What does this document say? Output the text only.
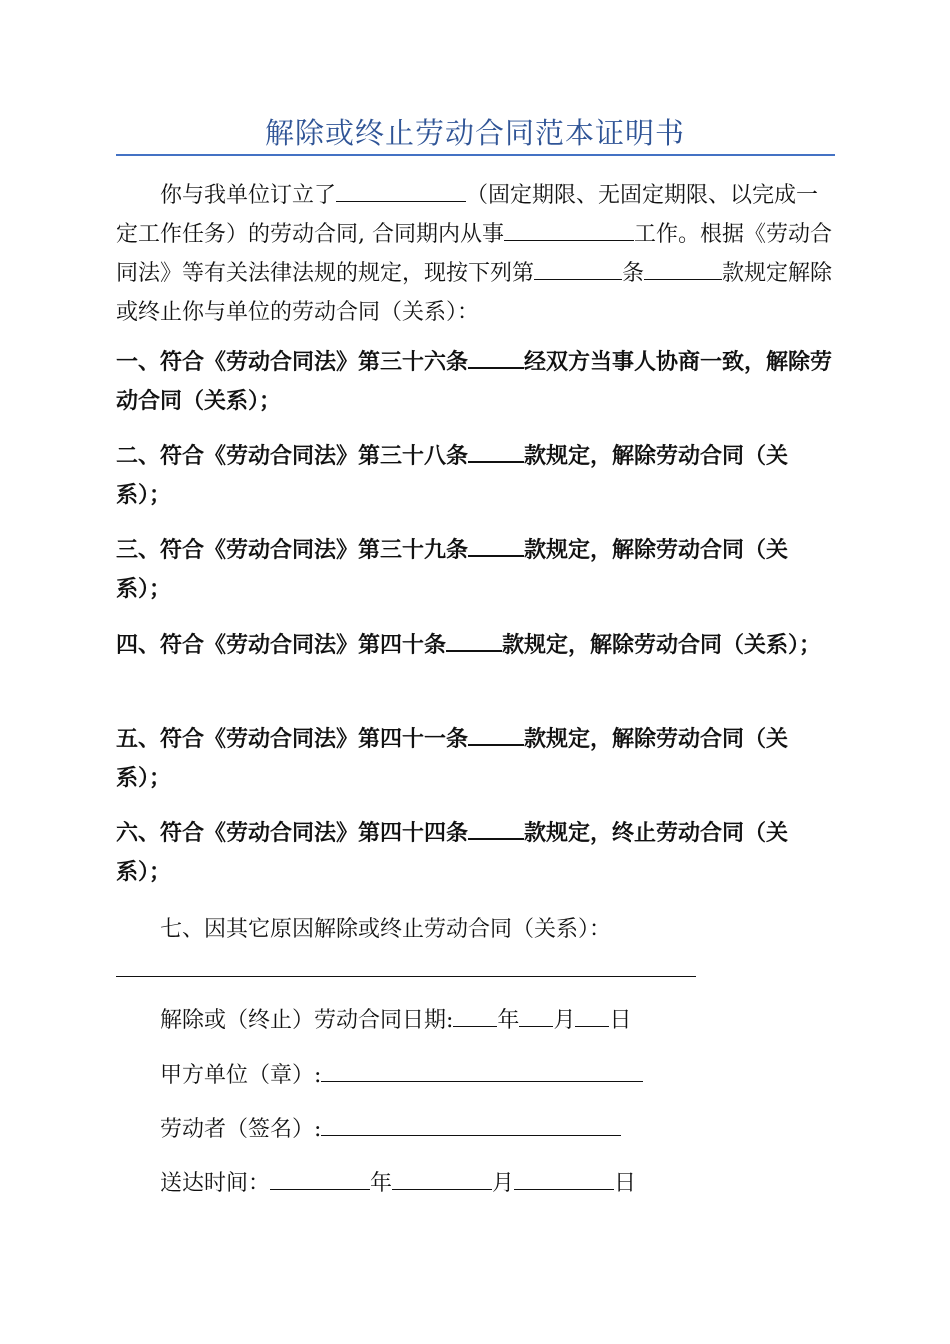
解除或终止劳动合同范本证明书
你与我单位订立了	（固定期限、无固定期限、以完成一定工作任务）的劳动合同, 合同期内从事	工作。根据《劳动合同法》等有关法律法规的规定，现按下列第	条	款规定解除或终止你与单位的劳动合同（关系）：
一、符合《劳动合同法》第三十六条	经双方当事人协商一致，解除劳动合同（关系）；
二、符合《劳动合同法》第三十八条	款规定，解除劳动合同（关系）；
三、符合《劳动合同法》第三十九条	款规定，解除劳动合同（关系）；
四、符合《劳动合同法》第四十条	款规定，解除劳动合同（关系）；
五、符合《劳动合同法》第四十一条	款规定，解除劳动合同（关系）；
六、符合《劳动合同法》第四十四条	款规定，终止劳动合同（关系）；
七、因其它原因解除或终止劳动合同（关系）：
解除或（终止）劳动合同日期: 年 月 日
甲方单位（章）:
劳动者（签名）:
送达时间：	年	月	日
